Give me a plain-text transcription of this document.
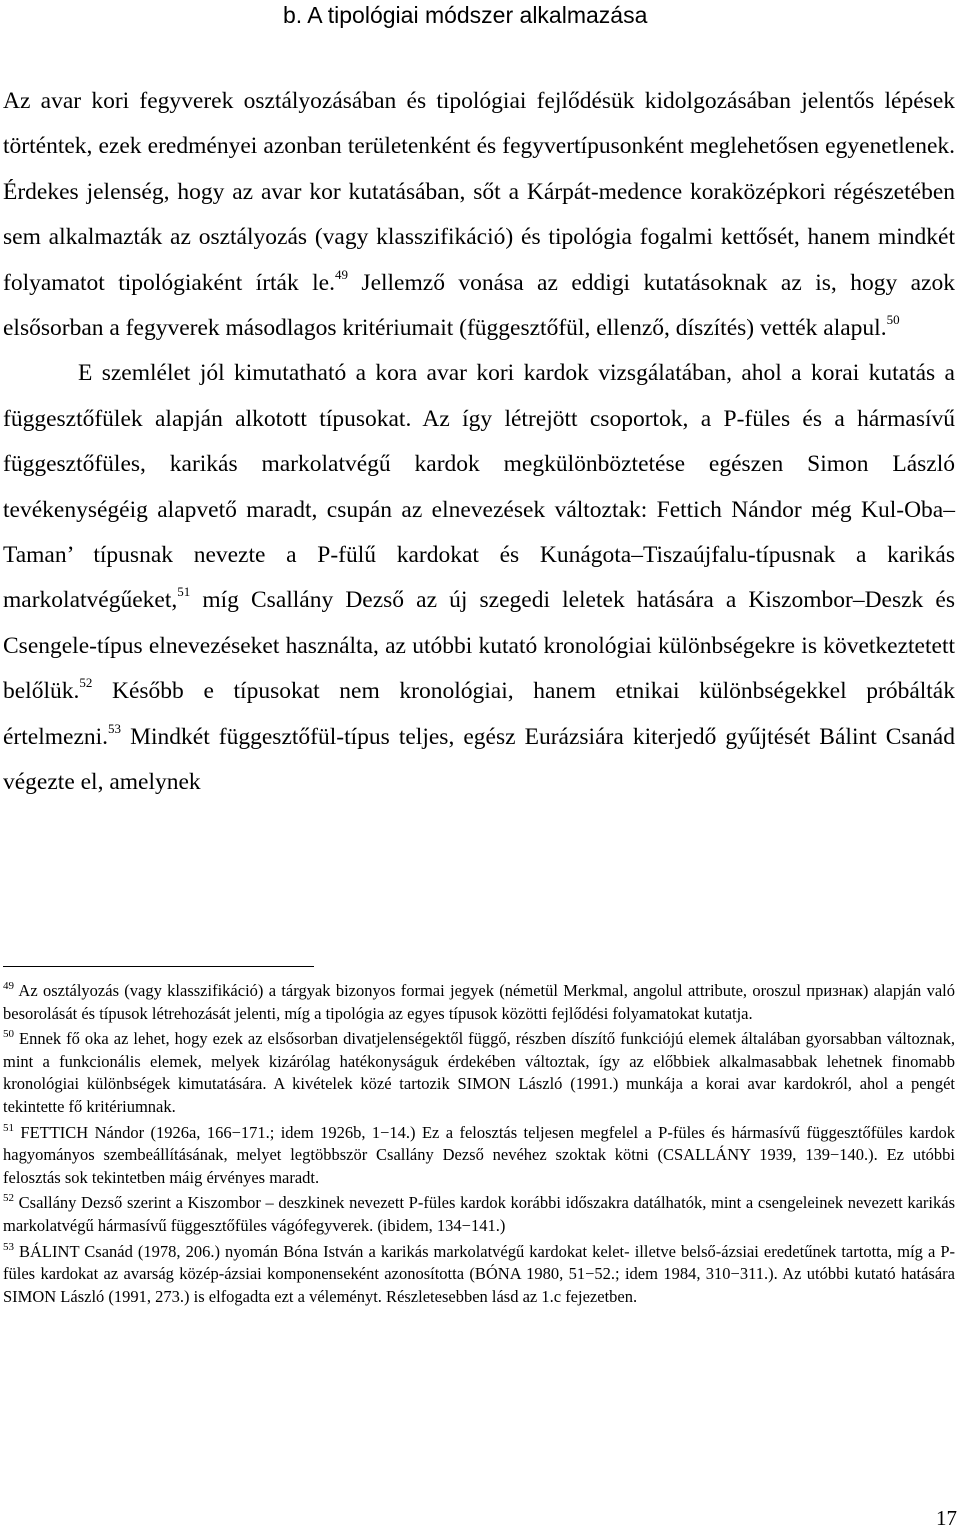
b. A tipológiai módszer alkalmazása

Az avar kori fegyverek osztályozásában és tipológiai fejlődésük kidolgozásában jelentős lépések történtek, ezek eredményei azonban területenként és fegyvertípusonként meglehetősen egyenetlenek. Érdekes jelenség, hogy az avar kor kutatásában, sőt a Kárpát-medence koraközépkori régészetében sem alkalmazták az osztályozás (vagy klasszifikáció) és tipológia fogalmi kettősét, hanem mindkét folyamatot tipológiaként írták le.$^{49}$ Jellemző vonása az eddigi kutatásoknak az is, hogy azok elsősorban a fegyverek másodlagos kritériumait (függesztőfül, ellenző, díszítés) vették alapul.$^{50}$

E szemlélet jól kimutatható a kora avar kori kardok vizsgálatában, ahol a korai kutatás a függesztőfülek alapján alkotott típusokat. Az így létrejött csoportok, a P-füles és a hármasívű függesztőfüles, karikás markolatvégű kardok megkülönböztetése egészen Simon László tevékenységéig alapvető maradt, csupán az elnevezések változtak: Fettich Nándor még Kul-Oba–Taman’ típusnak nevezte a P-fülű kardokat és Kunágota–Tiszaújfalu-típusnak a karikás markolatvégűeket,$^{51}$ míg Csallány Dezső az új szegedi leletek hatására a Kiszombor–Deszk és Csengele-típus elnevezéseket használta, az utóbbi kutató kronológiai különbségekre is következtetett belőlük.$^{52}$ Később e típusokat nem kronológiai, hanem etnikai különbségekkel próbálták értelmezni.$^{53}$ Mindkét függesztőfül-típus teljes, egész Eurázsiára kiterjedő gyűjtését Bálint Csanád végezte el, amelynek

$^{49}$ Az osztályozás (vagy klasszifikáció) a tárgyak bizonyos formai jegyek (németül Merkmal, angolul attribute, oroszul признак) alapján való besorolását és típusok létrehozását jelenti, míg a tipológia az egyes típusok közötti fejlődési folyamatokat kutatja.

$^{50}$ Ennek fő oka az lehet, hogy ezek az elsősorban divatjelenségektől függő, részben díszítő funkciójú elemek általában gyorsabban változnak, mint a funkcionális elemek, melyek kizárólag hatékonyságuk érdekében változtak, így az előbbiek alkalmasabbak lehetnek finomabb kronológiai különbségek kimutatására. A kivételek közé tartozik SIMON László (1991.) munkája a korai avar kardokról, ahol a pengét tekintette fő kritériumnak.

$^{51}$ FETTICH Nándor (1926a, 166−171.; idem 1926b, 1−14.) Ez a felosztás teljesen megfelel a P-füles és hármasívű függesztőfüles kardok hagyományos szembeállításának, melyet legtöbbször Csallány Dezső nevéhez szoktak kötni (CSALLÁNY 1939, 139−140.). Ez utóbbi felosztás sok tekintetben máig érvényes maradt.

$^{52}$ Csallány Dezső szerint a Kiszombor – deszkinek nevezett P-füles kardok korábbi időszakra datálhatók, mint a csengeleinek nevezett karikás markolatvégű hármasívű függesztőfüles vágófegyverek. (ibidem, 134−141.)

$^{53}$ BÁLINT Csanád (1978, 206.) nyomán Bóna István a karikás markolatvégű kardokat kelet- illetve belső-ázsiai eredetűnek tartotta, míg a P-füles kardokat az avarság közép-ázsiai komponenseként azonosította (BÓNA 1980, 51−52.; idem 1984, 310−311.). Az utóbbi kutató hatására SIMON László (1991, 273.) is elfogadta ezt a véleményt. Részletesebben lásd az 1.c fejezetben.

17
